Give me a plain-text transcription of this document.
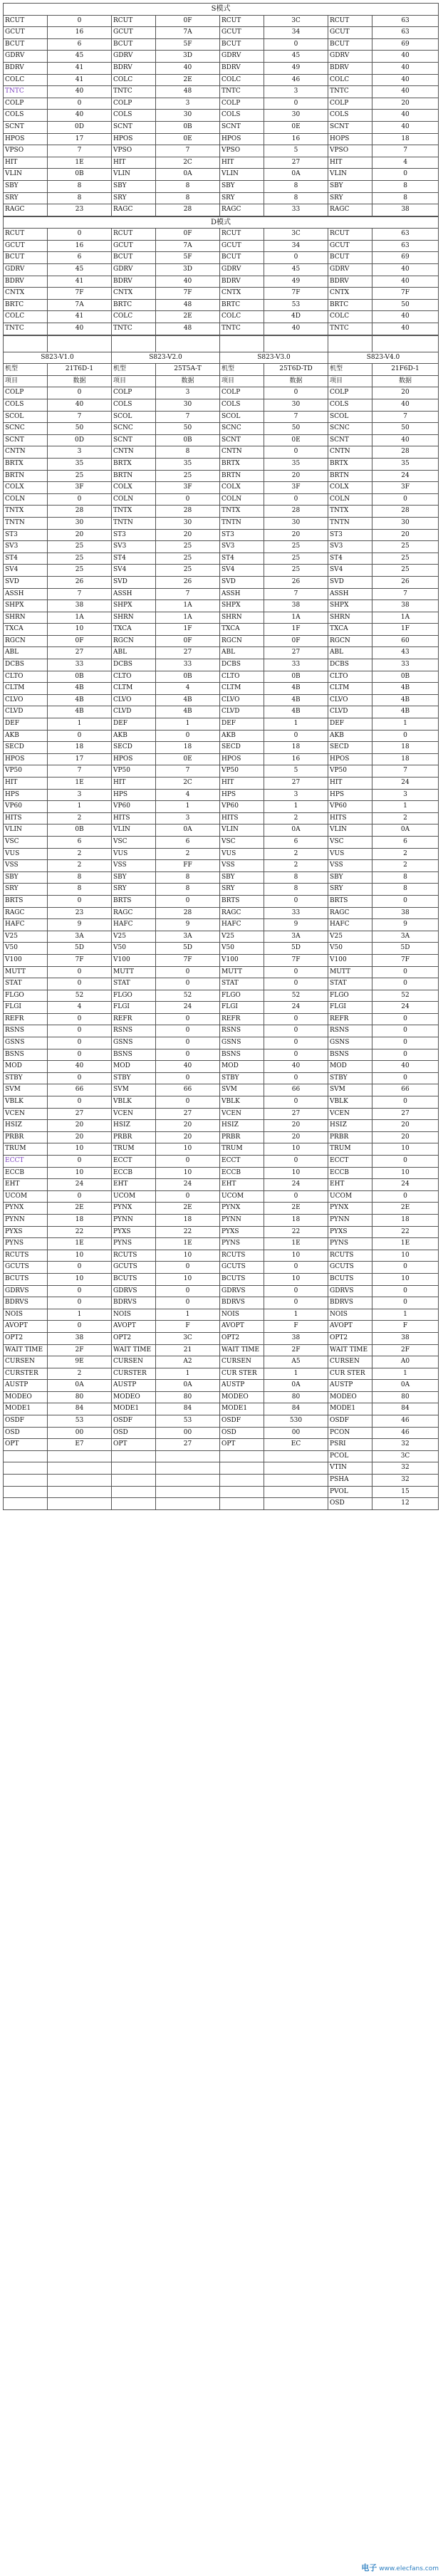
S模式							
RCUT	0	RCUT	0F	RCUT	3C	RCUT	63
GCUT	16	GCUT	7A	GCUT	34	GCUT	63
BCUT	6	BCUT	5F	BCUT	0	BCUT	69
GDRV	45	GDRV	3D	GDRV	45	GDRV	40
BDRV	41	BDRV	40	BDRV	49	BDRV	40
COLC	41	COLC	2E	COLC	46	COLC	40
TNTC	40	TNTC	48	TNTC	3	TNTC	40
COLP	0	COLP	3	COLP	0	COLP	20
COLS	40	COLS	30	COLS	30	COLS	40
SCNT	0D	SCNT	0B	SCNT	0E	SCNT	40
HPOS	17	HPOS	0E	HPOS	16	HOPS	18
VPSO	7	VPSO	7	VPSO	5	VPSO	7
HIT	1E	HIT	2C	HIT	27	HIT	4
VLIN	0B	VLIN	0A	VLIN	0A	VLIN	0
SBY	8	SBY	8	SBY	8	SBY	8
SRY	8	SRY	8	SRY	8	SRY	8
RAGC	23	RAGC	28	RAGC	33	RAGC	38
D模式							
RCUT	0	RCUT	0F	RCUT	3C	RCUT	63
GCUT	16	GCUT	7A	GCUT	34	GCUT	63
BCUT	6	BCUT	5F	BCUT	0	BCUT	69
GDRV	45	GDRV	3D	GDRV	45	GDRV	40
BDRV	41	BDRV	40	BDRV	49	BDRV	40
CNTX	7F	CNTX	7F	CNTX	7F	CNTX	7F
BRTC	7A	BRTC	48	BRTC	53	BRTC	50
COLC	41	COLC	2E	COLC	4D	COLC	40
TNTC	40	TNTC	48	TNTC	40	TNTC	40

S823-V1.0		S823-V2.0		S823-V3.0		S823-V4.0	
机型	21T6D-1	机型	25T5A-T	机型	25T6D-TD	机型	21F6D-1
项目	数据	项目	数据	项目	数据	项目	数据
COLP	0	COLP	3	COLP	0	COLP	20
COLS	40	COLS	30	COLS	30	COLS	40
SCOL	7	SCOL	7	SCOL	7	SCOL	7
SCNC	50	SCNC	50	SCNC	50	SCNC	50
SCNT	0D	SCNT	0B	SCNT	0E	SCNT	40
CNTN	3	CNTN	8	CNTN	0	CNTN	28
BRTX	35	BRTX	35	BRTX	35	BRTX	35
BRTN	25	BRTN	25	BRTN	20	BRTN	24
COLX	3F	COLX	3F	COLX	3F	COLX	3F
COLN	0	COLN	0	COLN	0	COLN	0
TNTX	28	TNTX	28	TNTX	28	TNTX	28
TNTN	30	TNTN	30	TNTN	30	TNTN	30
ST3	20	ST3	20	ST3	20	ST3	20
SV3	25	SV3	25	SV3	25	SV3	25
ST4	25	ST4	25	ST4	25	ST4	25
SV4	25	SV4	25	SV4	25	SV4	25
SVD	26	SVD	26	SVD	26	SVD	26
ASSH	7	ASSH	7	ASSH	7	ASSH	7
SHPX	38	SHPX	1A	SHPX	38	SHPX	38
SHRN	1A	SHRN	1A	SHRN	1A	SHRN	1A
TXCA	10	TXCA	1F	TXCA	1F	TXCA	1F
RGCN	0F	RGCN	0F	RGCN	0F	RGCN	60
ABL	27	ABL	27	ABL	27	ABL	43
DCBS	33	DCBS	33	DCBS	33	DCBS	33
CLTO	0B	CLTO	0B	CLTO	0B	CLTO	0B
CLTM	4B	CLTM	4	CLTM	4B	CLTM	4B
CLVO	4B	CLVO	4B	CLVO	4B	CLVO	4B
CLVD	4B	CLVD	4B	CLVD	4B	CLVD	4B
DEF	1	DEF	1	DEF	1	DEF	1
AKB	0	AKB	0	AKB	0	AKB	0
SECD	18	SECD	18	SECD	18	SECD	18
HPOS	17	HPOS	0E	HPOS	16	HPOS	18
VP50	7	VP50	7	VP50	5	VP50	7
HIT	1E	HIT	2C	HIT	27	HIT	24
HPS	3	HPS	4	HPS	3	HPS	3
VP60	1	VP60	1	VP60	1	VP60	1
HITS	2	HITS	3	HITS	2	HITS	2
VLIN	0B	VLIN	0A	VLIN	0A	VLIN	0A
VSC	6	VSC	6	VSC	6	VSC	6
VUS	2	VUS	2	VUS	2	VUS	2
VSS	2	VSS	FF	VSS	2	VSS	2
SBY	8	SBY	8	SBY	8	SBY	8
SRY	8	SRY	8	SRY	8	SRY	8
BRTS	0	BRTS	0	BRTS	0	BRTS	0
RAGC	23	RAGC	28	RAGC	33	RAGC	38
HAFC	9	HAFC	9	HAFC	9	HAFC	9
V25	3A	V25	3A	V25	3A	V25	3A
V50	5D	V50	5D	V50	5D	V50	5D
V100	7F	V100	7F	V100	7F	V100	7F
MUTT	0	MUTT	0	MUTT	0	MUTT	0
STAT	0	STAT	0	STAT	0	STAT	0
FLGO	52	FLGO	52	FLGO	52	FLGO	52
FLGI	4	FLGI	24	FLGI	24	FLGI	24
REFR	0	REFR	0	REFR	0	REFR	0
RSNS	0	RSNS	0	RSNS	0	RSNS	0
GSNS	0	GSNS	0	GSNS	0	GSNS	0
BSNS	0	BSNS	0	BSNS	0	BSNS	0
MOD	40	MOD	40	MOD	40	MOD	40
STBY	0	STBY	0	STBY	0	STBY	0
SVM	66	SVM	66	SVM	66	SVM	66
VBLK	0	VBLK	0	VBLK	0	VBLK	0
VCEN	27	VCEN	27	VCEN	27	VCEN	27
HSIZ	20	HSIZ	20	HSIZ	20	HSIZ	20
PRBR	20	PRBR	20	PRBR	20	PRBR	20
TRUM	10	TRUM	10	TRUM	10	TRUM	10
ECCT	0	ECCT	0	ECCT	0	ECCT	0
ECCB	10	ECCB	10	ECCB	10	ECCB	10
EHT	24	EHT	24	EHT	24	EHT	24
UCOM	0	UCOM	0	UCOM	0	UCOM	0
PYNX	2E	PYNX	2E	PYNX	2E	PYNX	2E
PYNN	18	PYNN	18	PYNN	18	PYNN	18
PYXS	22	PYXS	22	PYXS	22	PYXS	22
PYNS	1E	PYNS	1E	PYNS	1E	PYNS	1E
RCUTS	10	RCUTS	10	RCUTS	10	RCUTS	10
GCUTS	0	GCUTS	0	GCUTS	0	GCUTS	0
BCUTS	10	BCUTS	10	BCUTS	10	BCUTS	10
GDRVS	0	GDRVS	0	GDRVS	0	GDRVS	0
BDRVS	0	BDRVS	0	BDRVS	0	BDRVS	0
NOIS	1	NOIS	1	NOIS	1	NOIS	1
AVOPT	0	AVOPT	F	AVOPT	F	AVOPT	F
OPT2	38	OPT2	3C	OPT2	38	OPT2	38
WAIT TIME	2F	WAIT TIME	21	WAIT TIME	2F	WAIT TIME	2F
CURSEN	9E	CURSEN	A2	CURSEN	A5	CURSEN	A0
CURSTER	2	CURSTER	1	CUR STER	1	CUR STER	1
AUSTP	0A	AUSTP	0A	AUSTP	0A	AUSTP	0A
MODEO	80	MODEO	80	MODEO	80	MODEO	80
MODE1	84	MODE1	84	MODE1	84	MODE1	84
OSDF	53	OSDF	53	OSDF	530	OSDF	46
OSD	00	OSD	00	OSD	00	PCON	46
OPT	E7	OPT	27	OPT	EC	PSRI	32
						PCOL	3C
						VTIN	32
						PSHA	32
						PVOL	15
						OSD	12
电子 www.elecfans.com
